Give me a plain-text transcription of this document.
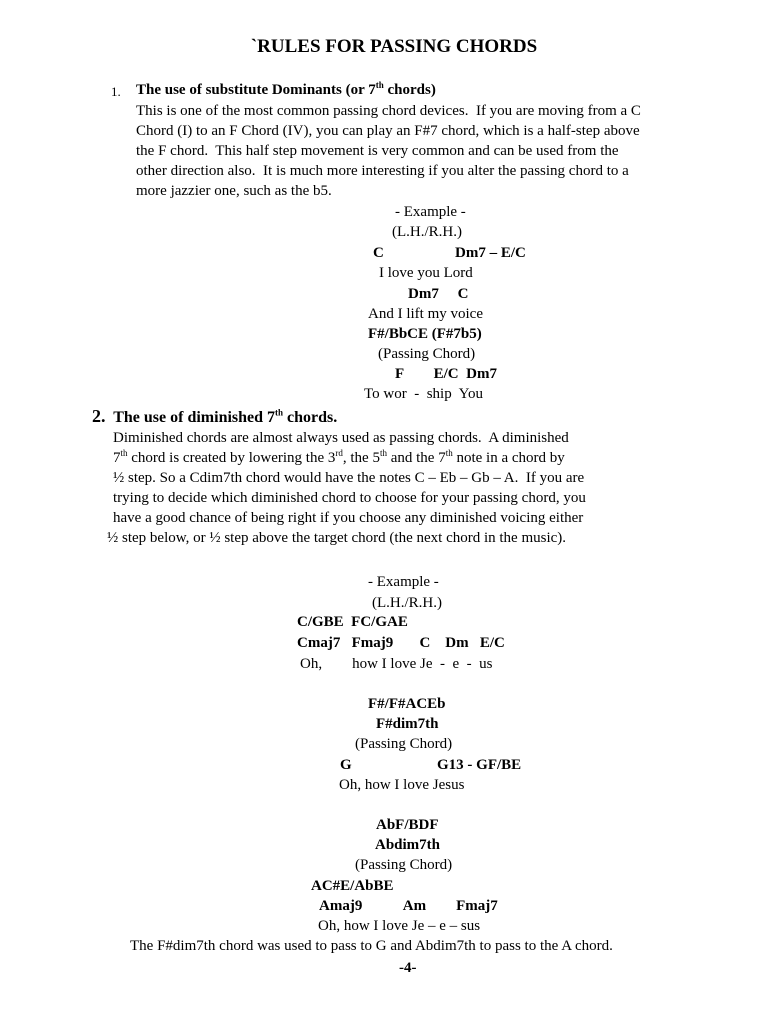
`RULES FOR PASSING CHORDS
1. The use of substitute Dominants (or 7th chords)
This is one of the most common passing chord devices.  If you are moving from a C
Chord (I) to an F Chord (IV), you can play an F#7 chord, which is a half-step above
the F chord.  This half step movement is very common and can be used from the
other direction also.  It is much more interesting if you alter the passing chord to a
more jazzier one, such as the b5.
- Example -
(L.H./R.H.)
C	Dm7 – E/C
I love you Lord
Dm7     C
And I lift my voice
F#/BbCE (F#7b5)
(Passing Chord)
F        E/C  Dm7
To wor  -  ship  You
2. The use of diminished 7th chords.
Diminished chords are almost always used as passing chords.  A diminished
7th chord is created by lowering the 3rd, the 5th and the 7th note in a chord by
½ step. So a Cdim7th chord would have the notes C – Eb – Gb – A.  If you are
trying to decide which diminished chord to choose for your passing chord, you
have a good chance of being right if you choose any diminished voicing either
½ step below, or ½ step above the target chord (the next chord in the music).
- Example -
(L.H./R.H.)
C/GBE  FC/GAE
Cmaj7   Fmaj9       C    Dm   E/C
Oh,        how I love Je  -  e  -  us
F#/F#ACEb
F#dim7th
(Passing Chord)
G	G13 - GF/BE
Oh, how I love Jesus
AbF/BDF
Abdim7th
(Passing Chord)
AC#E/AbBE
Amaj9           Am        Fmaj7
Oh, how I love Je – e – sus
The F#dim7th chord was used to pass to G and Abdim7th to pass to the A chord.
-4-
